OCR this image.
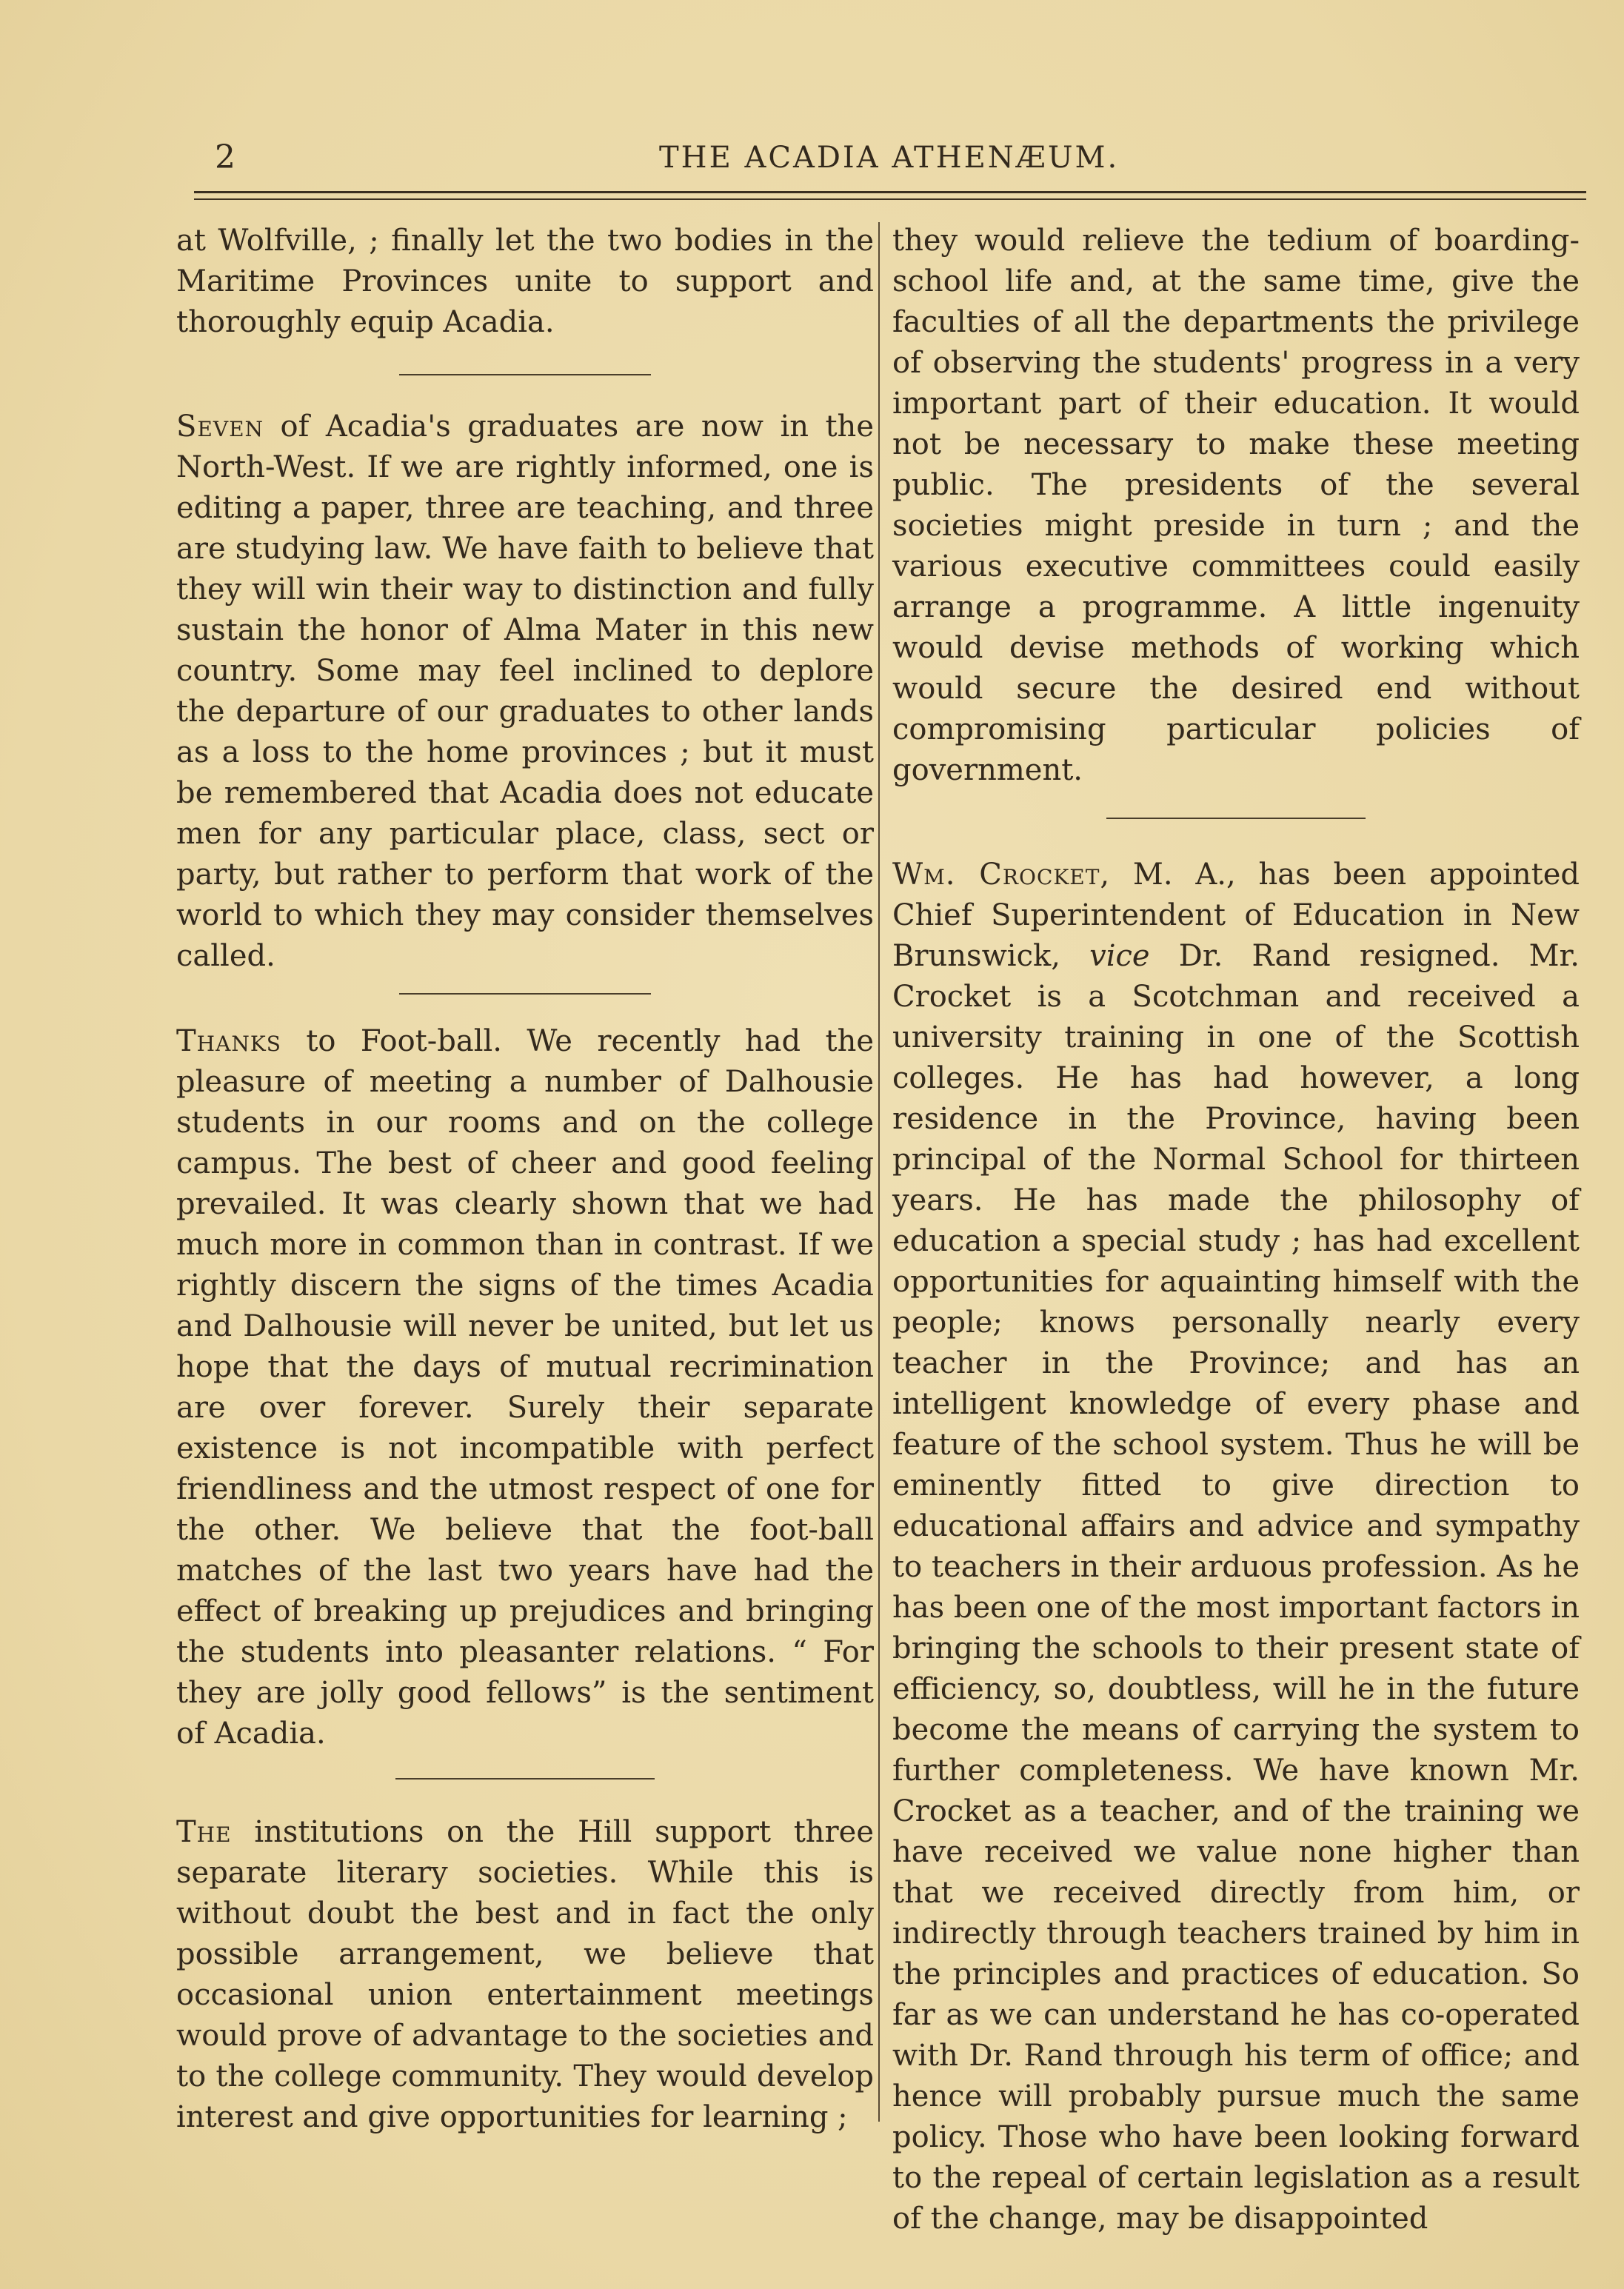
2	THE ACADIA ATHENÆUM.

at Wolfville, ; finally let the two bodies in the Maritime Provinces unite to support and thoroughly equip Acadia.

Seven of Acadia's graduates are now in the North-West. If we are rightly informed, one is editing a paper, three are teaching, and three are studying law. We have faith to believe that they will win their way to distinction and fully sustain the honor of Alma Mater in this new country. Some may feel inclined to deplore the departure of our graduates to other lands as a loss to the home provinces ; but it must be remembered that Acadia does not educate men for any particular place, class, sect or party, but rather to perform that work of the world to which they may consider themselves called.

Thanks to Foot-ball. We recently had the pleasure of meeting a number of Dalhousie students in our rooms and on the college campus. The best of cheer and good feeling prevailed. It was clearly shown that we had much more in common than in contrast. If we rightly discern the signs of the times Acadia and Dalhousie will never be united, but let us hope that the days of mutual recrimination are over forever. Surely their separate existence is not incompatible with perfect friendliness and the utmost respect of one for the other. We believe that the foot-ball matches of the last two years have had the effect of breaking up prejudices and bringing the students into pleasanter relations. “ For they are jolly good fellows” is the sentiment of Acadia.

The institutions on the Hill support three separate literary societies. While this is without doubt the best and in fact the only possible arrangement, we believe that occasional union entertainment meetings would prove of advantage to the societies and to the college community. They would develop interest and give opportunities for learning ;

they would relieve the tedium of boarding-school life and, at the same time, give the faculties of all the departments the privilege of observing the students' progress in a very important part of their education. It would not be necessary to make these meeting public. The presidents of the several societies might preside in turn ; and the various executive committees could easily arrange a programme. A little ingenuity would devise methods of working which would secure the desired end without compromising particular policies of government.

Wm. Crocket, M. A., has been appointed Chief Superintendent of Education in New Brunswick, vice Dr. Rand resigned. Mr. Crocket is a Scotchman and received a university training in one of the Scottish colleges. He has had however, a long residence in the Province, having been principal of the Normal School for thirteen years. He has made the philosophy of education a special study ; has had excellent opportunities for aquainting himself with the people; knows personally nearly every teacher in the Province; and has an intelligent knowledge of every phase and feature of the school system. Thus he will be eminently fitted to give direction to educational affairs and advice and sympathy to teachers in their arduous profession. As he has been one of the most important factors in bringing the schools to their present state of efficiency, so, doubtless, will he in the future become the means of carrying the system to further completeness. We have known Mr. Crocket as a teacher, and of the training we have received we value none higher than that we received directly from him, or indirectly through teachers trained by him in the principles and practices of education. So far as we can understand he has co-operated with Dr. Rand through his term of office; and hence will probably pursue much the same policy. Those who have been looking forward to the repeal of certain legislation as a result of the change, may be disappointed
